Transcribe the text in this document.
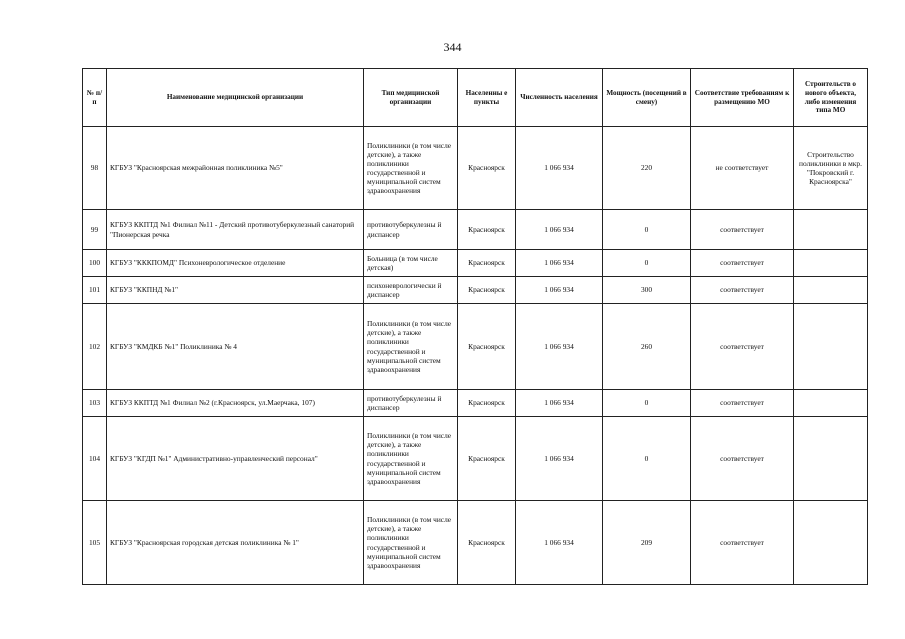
344
№ п/п	Наименование медицинской организации	Тип медицинской организации	Населенны е пункты	Численность населения	Мощность (посещений в смену)	Соответствие требованиям к размещению МО	Строительств о нового объекта, либо изменения типа МО
98	КГБУЗ "Красноярская межрайонная поликлиника №5"	Поликлиники (в том числе детские), а также поликлиники государственной и муниципальной систем здравоохранения	Красноярск	1 066 934	220	не соответствует	Строительство поликлиники в мкр. "Покровский г. Красноярска"
99	КГБУЗ ККПТД №1 Филиал №11 - Детский противотуберкулезный санаторий "Пионерская речка	противотуберкулезны й диспансер	Красноярск	1 066 934	0	соответствует	
100	КГБУЗ "КККПОМД" Психоневрологическое отделение	Больница (в том числе детская)	Красноярск	1 066 934	0	соответствует	
101	КГБУЗ "ККПНД №1"	психоневрологически й диспансер	Красноярск	1 066 934	300	соответствует	
102	КГБУЗ "КМДКБ №1" Поликлиника № 4	Поликлиники (в том числе детские), а также поликлиники государственной и муниципальной систем здравоохранения	Красноярск	1 066 934	260	соответствует	
103	КГБУЗ ККПТД №1 Филиал №2 (г.Красноярск, ул.Маерчака, 107)	противотуберкулезны й диспансер	Красноярск	1 066 934	0	соответствует	
104	КГБУЗ "КГДП №1" Административно-управленческий персонал"	Поликлиники (в том числе детские), а также поликлиники государственной и муниципальной систем здравоохранения	Красноярск	1 066 934	0	соответствует	
105	КГБУЗ "Красноярская городская детская поликлиника № 1"	Поликлиники (в том числе детские), а также поликлиники государственной и муниципальной систем здравоохранения	Красноярск	1 066 934	209	соответствует	
